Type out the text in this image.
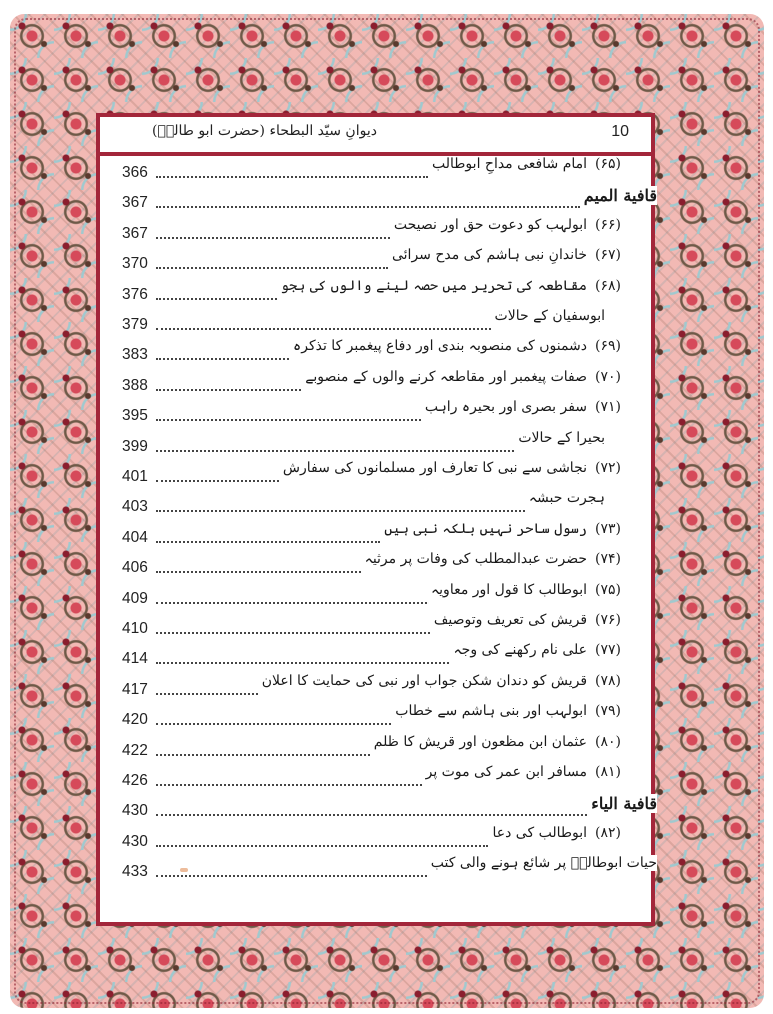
دیوانِ سیّد البطحاء (حضرت ابو طالبؑ)	10
366	(۶۵)امام شافعی مداحِ ابوطالب
367	قافیة المیم
367	(۶۶)ابولہب کو دعوت حق اور نصیحت
370	(۶۷)خاندانِ نبی ہاشم کی مدح سرائی
376	(۶۸)مقاطعہ کی تحریر میں حصہ لینے والوں کی ہجو
379	ابوسفیان کے حالات
383	(۶۹)دشمنوں کی منصوبہ بندی اور دفاع پیغمبر کا تذکرہ
388	(۷۰)صفات پیغمبر اور مقاطعہ کرنے والوں کے منصوبے
395	(۷۱)سفر بصری اور بحیرہ راہب
399	بحیرا کے حالات
401	(۷۲)نجاشی سے نبی کا تعارف اور مسلمانوں کی سفارش
403	ہجرت حبشہ
404	(۷۳)رسول ساحر نہیں بلکہ نبی ہیں
406	(۷۴)حضرت عبدالمطلب کی وفات پر مرثیہ
409	(۷۵)ابوطالب کا قول اور معاویہ
410	(۷۶)قریش کی تعریف وتوصیف
414	(۷۷)علی نام رکھنے کی وجہ
417	(۷۸)قریش کو دندان شکن جواب اور نبی کی حمایت کا اعلان
420	(۷۹)ابولہب اور بنی ہاشم سے خطاب
422	(۸۰)عثمان ابن مظعون اور قریش کا ظلم
426	(۸۱)مسافر ابن عمر کی موت پر
430	قافیة الیاء
430	(۸۲)ابوطالب کی دعا
433	حیات ابوطالبؑ پر شائع ہونے والی کتب
